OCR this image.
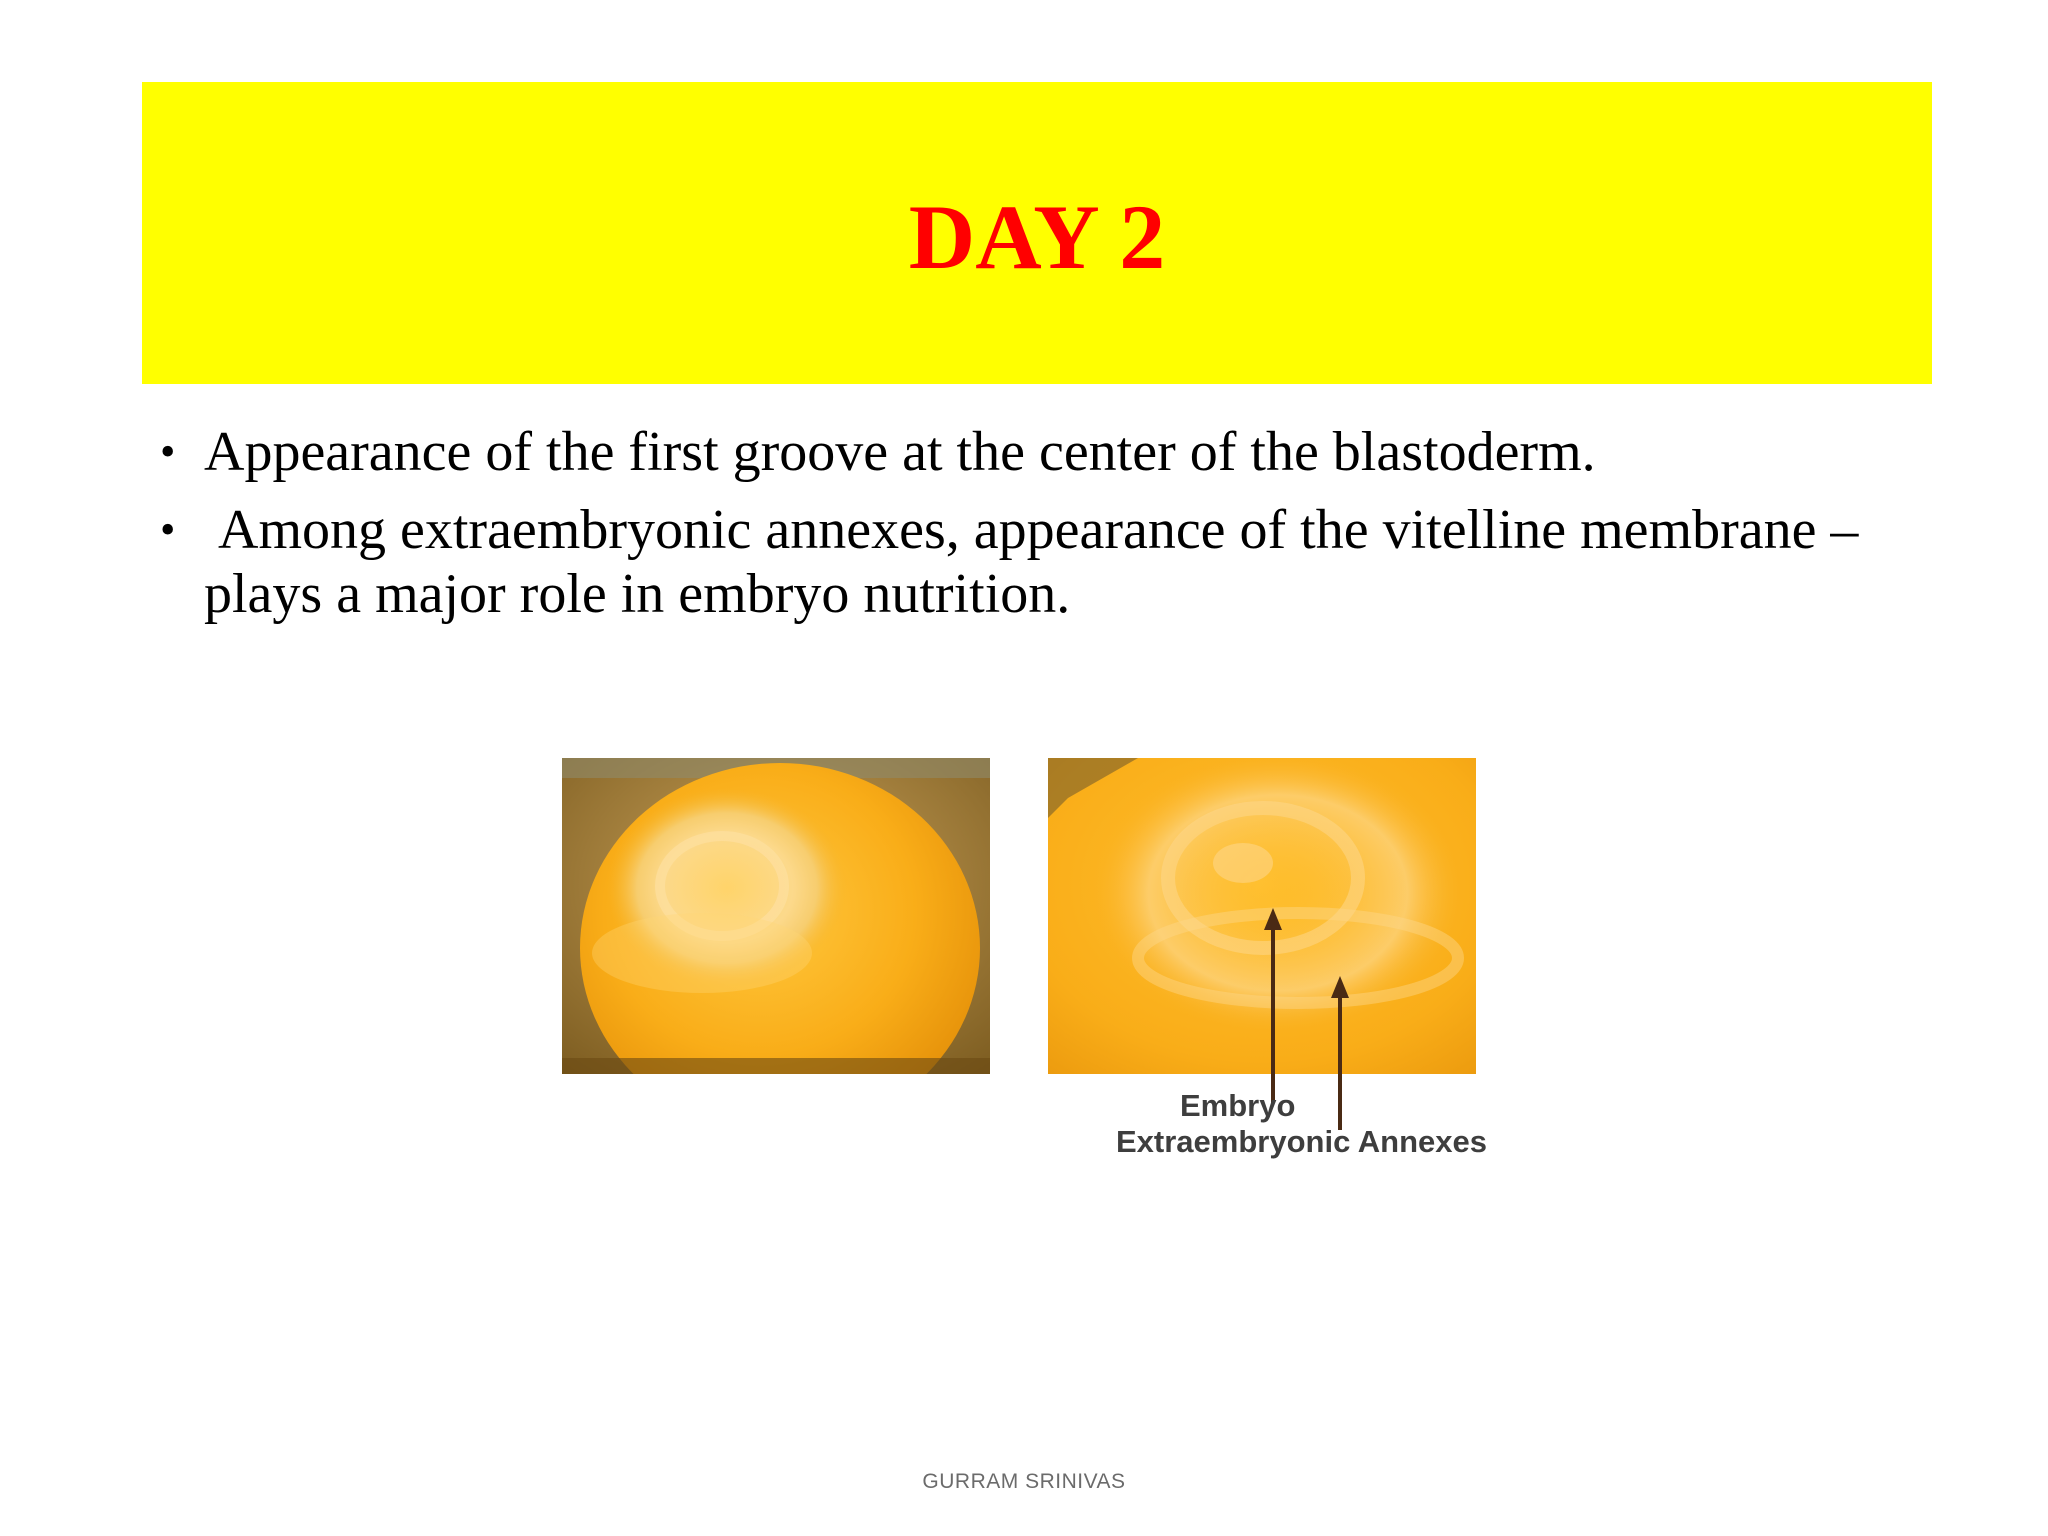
DAY 2
• Appearance of the first groove at the center of the blastoderm.
• Among extraembryonic annexes, appearance of the vitelline membrane –plays a major role in embryo nutrition.
Embryo
Extraembryonic Annexes
GURRAM SRINIVAS
